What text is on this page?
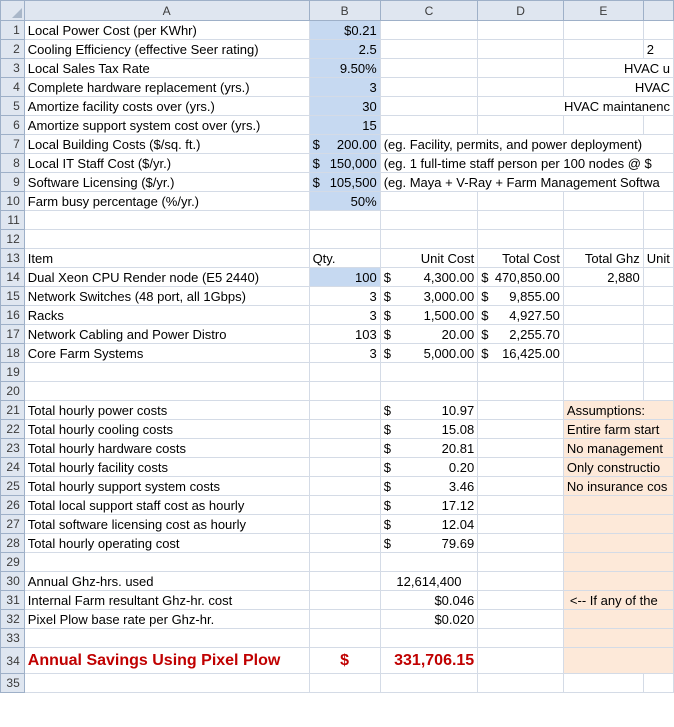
	A	B	C	D	E	
1	Local Power Cost (per KWhr)	$0.21				
2	Cooling Efficiency (effective Seer rating)	2.5				2
3	Local Sales Tax Rate	9.50%			HVAC u	
4	Complete hardware replacement (yrs.)	3			HVAC	
5	Amortize facility costs over (yrs.)	30		HVAC maintanenc		
6	Amortize support system cost over (yrs.)	15				
7	Local Building Costs ($/sq. ft.)	$ 200.00	(eg. Facility, permits, and power deployment)			
8	Local IT Staff Cost ($/yr.)	$ 150,000	(eg. 1 full-time staff person per 100 nodes @ $			
9	Software Licensing ($/yr.)	$ 105,500	(eg. Maya + V-Ray + Farm Management Softwa			
10	Farm busy percentage (%/yr.)	50%				
11						
12						
13	Item	Qty.	Unit Cost	Total Cost	Total Ghz	Unit
14	Dual Xeon CPU Render node (E5 2440)	100	$ 4,300.00	$ 470,850.00	2,880	
15	Network Switches (48 port, all 1Gbps)	3	$ 3,000.00	$ 9,855.00		

16	Racks	3	$ 1,500.00	$ 4,927.50		

17	Network Cabling and Power Distro	103	$ 20.00	$ 2,255.70		

18	Core Farm Systems	3	$ 5,000.00	$ 16,425.00		

19						
20						
21	Total hourly power costs		$ 10.97		Assumptions:	
22	Total hourly cooling costs		$ 15.08		Entire farm start	
23	Total hourly hardware costs		$ 20.81		No management	
24	Total hourly facility costs		$ 0.20		Only constructio	
25	Total hourly support system costs		$ 3.46		No insurance cos	
26	Total local support staff cost as hourly		$ 17.12			

27	Total software licensing cost as hourly		$ 12.04			

28	Total hourly operating cost		$ 79.69			

29						
30	Annual Ghz-hrs. used		12,614,400			
31	Internal Farm resultant Ghz-hr. cost		$0.046		<-- If any of the	
32	Pixel Plow base rate per Ghz-hr.		$0.020			
33						
34	Annual Savings Using Pixel Plow	$	331,706.15			
35						
